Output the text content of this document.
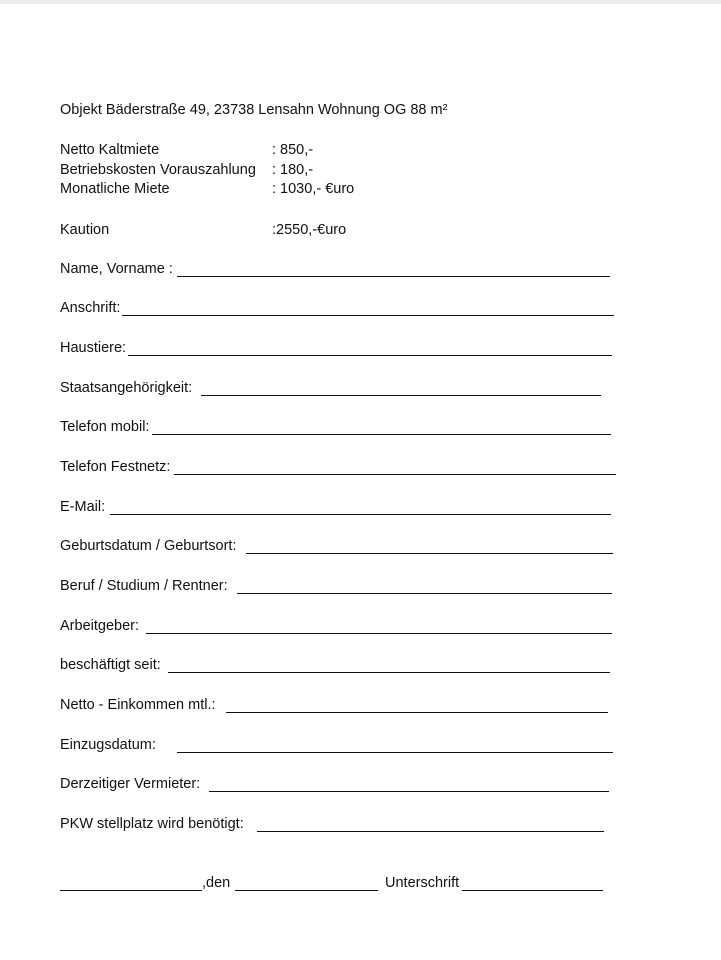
Objekt Bäderstraße 49, 23738 Lensahn Wohnung OG 88 m²
Netto Kaltmiete	: 850,-
Betriebskosten Vorauszahlung : 180,-
Monatliche Miete	: 1030,- €uro
Kaution	:2550,-€uro
Name, Vorname :
Anschrift:
Haustiere:
Staatsangehörigkeit:
Telefon mobil:
Telefon Festnetz:
E-Mail:
Geburtsdatum / Geburtsort:
Beruf / Studium / Rentner:
Arbeitgeber:
beschäftigt seit:
Netto - Einkommen mtl.:
Einzugsdatum:
Derzeitiger Vermieter:
PKW stellplatz wird benötigt:
,den	Unterschrift
